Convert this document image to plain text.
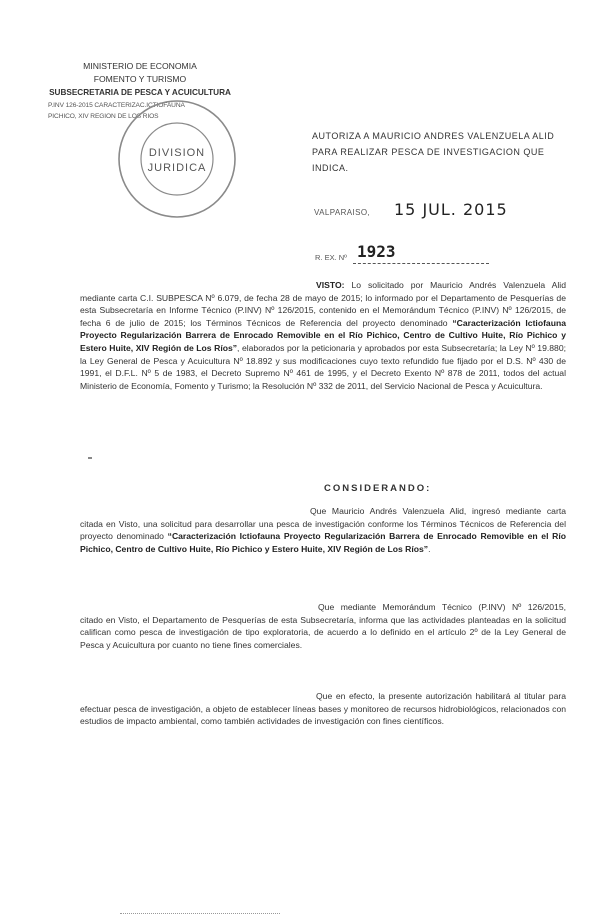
MINISTERIO DE ECONOMIA
FOMENTO Y TURISMO
SUBSECRETARIA DE PESCA Y ACUICULTURA
P.INV 126-2015 CARACTERIZAC.ICTIOFAUNA
PICHICO, XIV REGION DE LOS RIOS
DIVISION
JURIDICA
AUTORIZA A MAURICIO ANDRES VALENZUELA ALID PARA REALIZAR PESCA DE INVESTIGACION QUE INDICA.
VALPARAISO, 15 JUL. 2015
R. EX. Nº 1923
VISTO: Lo solicitado por Mauricio Andrés Valenzuela Alid mediante carta C.I. SUBPESCA Nº 6.079, de fecha 28 de mayo de 2015; lo informado por el Departamento de Pesquerías de esta Subsecretaría en Informe Técnico (P.INV) Nº 126/2015, contenido en el Memorándum Técnico (P.INV) Nº 126/2015, de fecha 6 de julio de 2015; los Términos Técnicos de Referencia del proyecto denominado “Caracterización Ictiofauna Proyecto Regularización Barrera de Enrocado Removible en el Río Pichico, Centro de Cultivo Huite, Río Pichico y Estero Huite, XIV Región de Los Ríos”, elaborados por la peticionaria y aprobados por esta Subsecretaría; la Ley Nº 19.880; la Ley General de Pesca y Acuicultura Nº 18.892 y sus modificaciones cuyo texto refundido fue fijado por el D.S. Nº 430 de 1991, el D.F.L. Nº 5 de 1983, el Decreto Supremo Nº 461 de 1995, y el Decreto Exento Nº 878 de 2011, todos del actual Ministerio de Economía, Fomento y Turismo; la Resolución Nº 332 de 2011, del Servicio Nacional de Pesca y Acuicultura.
CONSIDERANDO:
Que Mauricio Andrés Valenzuela Alid, ingresó mediante carta citada en Visto, una solicitud para desarrollar una pesca de investigación conforme los Términos Técnicos de Referencia del proyecto denominado “Caracterización Ictiofauna Proyecto Regularización Barrera de Enrocado Removible en el Río Pichico, Centro de Cultivo Huite, Río Pichico y Estero Huite, XIV Región de Los Ríos”.
Que mediante Memorándum Técnico (P.INV) Nº 126/2015, citado en Visto, el Departamento de Pesquerías de esta Subsecretaría, informa que las actividades planteadas en la solicitud califican como pesca de investigación de tipo exploratoria, de acuerdo a lo definido en el artículo 2º de la Ley General de Pesca y Acuicultura por cuanto no tiene fines comerciales.
Que en efecto, la presente autorización habilitará al titular para efectuar pesca de investigación, a objeto de establecer líneas bases y monitoreo de recursos hidrobiológicos, relacionados con estudios de impacto ambiental, como también actividades de investigación con fines científicos.
